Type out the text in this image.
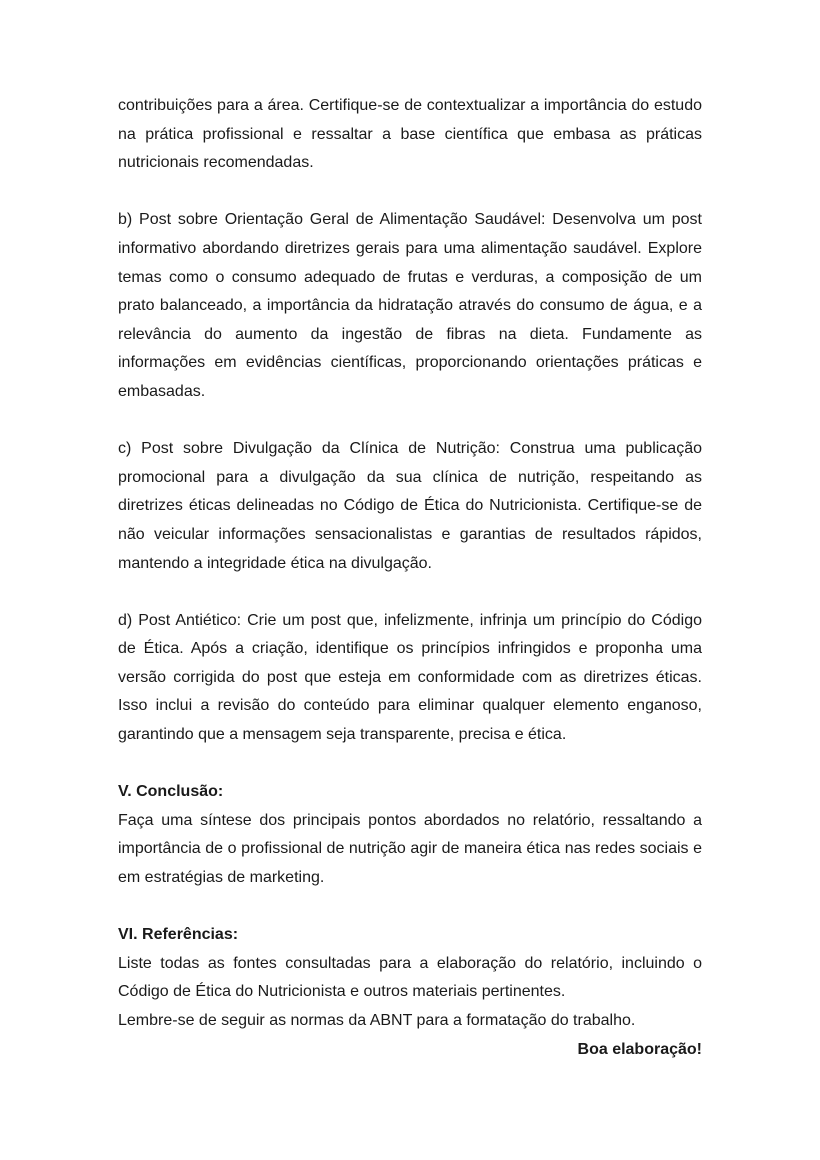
contribuições para a área. Certifique-se de contextualizar a importância do estudo na prática profissional e ressaltar a base científica que embasa as práticas nutricionais recomendadas.

b) Post sobre Orientação Geral de Alimentação Saudável: Desenvolva um post informativo abordando diretrizes gerais para uma alimentação saudável. Explore temas como o consumo adequado de frutas e verduras, a composição de um prato balanceado, a importância da hidratação através do consumo de água, e a relevância do aumento da ingestão de fibras na dieta. Fundamente as informações em evidências científicas, proporcionando orientações práticas e embasadas.

c) Post sobre Divulgação da Clínica de Nutrição: Construa uma publicação promocional para a divulgação da sua clínica de nutrição, respeitando as diretrizes éticas delineadas no Código de Ética do Nutricionista. Certifique-se de não veicular informações sensacionalistas e garantias de resultados rápidos, mantendo a integridade ética na divulgação.

d) Post Antiético: Crie um post que, infelizmente, infrinja um princípio do Código de Ética. Após a criação, identifique os princípios infringidos e proponha uma versão corrigida do post que esteja em conformidade com as diretrizes éticas. Isso inclui a revisão do conteúdo para eliminar qualquer elemento enganoso, garantindo que a mensagem seja transparente, precisa e ética.

V. Conclusão:

Faça uma síntese dos principais pontos abordados no relatório, ressaltando a importância de o profissional de nutrição agir de maneira ética nas redes sociais e em estratégias de marketing.

VI. Referências:

Liste todas as fontes consultadas para a elaboração do relatório, incluindo o Código de Ética do Nutricionista e outros materiais pertinentes.

Lembre-se de seguir as normas da ABNT para a formatação do trabalho.

Boa elaboração!
